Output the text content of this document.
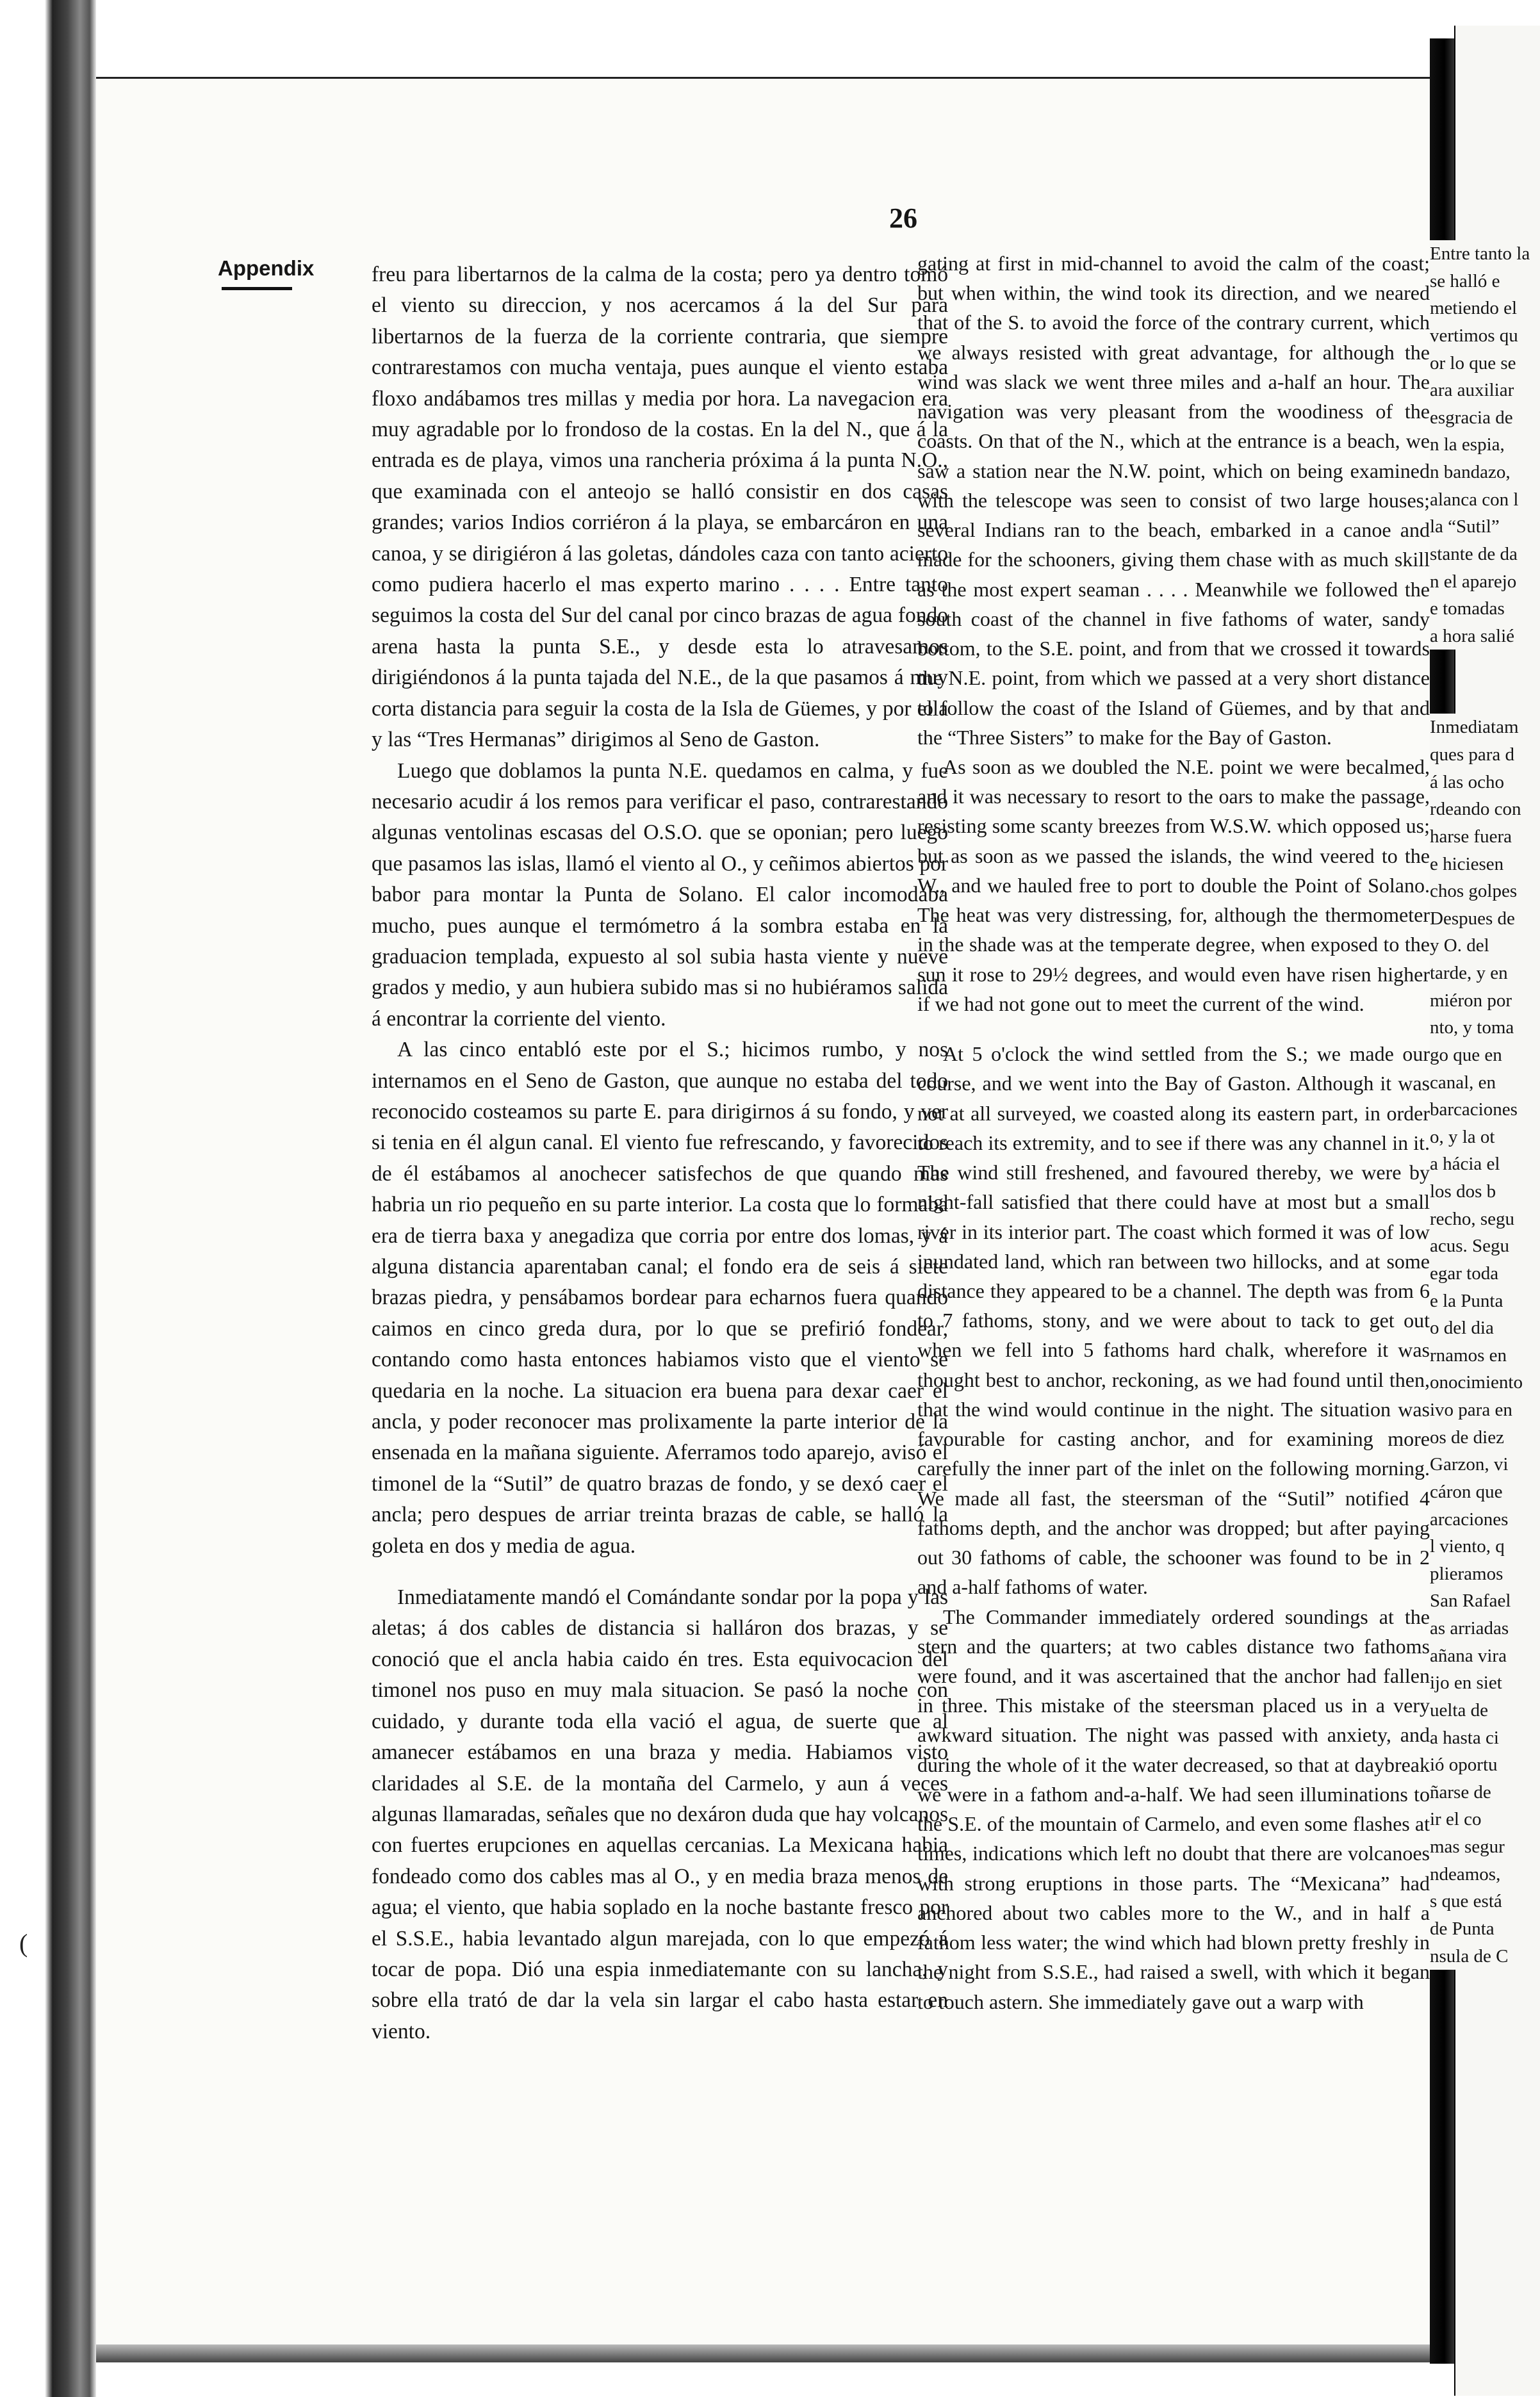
26
Appendix	freu para libertarnos de la calma de la costa; pero ya dentro tomó el viento su direccion, y nos acercamos á la del Sur para libertarnos de la fuerza de la corriente contraria, que siempre contrarestamos con mucha ventaja, pues aunque el viento estaba floxo andábamos tres millas y media por hora. La navegacion era muy agradable por lo frondoso de la costas. En la del N., que á la entrada es de playa, vimos una rancheria próxima á la punta N.O., que examinada con el anteojo se halló consistir en dos casas grandes; varios Indios corriéron á la playa, se embarcáron en una canoa, y se dirigiéron á las goletas, dándoles caza con tanto acierto como pudiera hacerlo el mas experto marino . . . . Entre tanto seguimos la costa del Sur del canal por cinco brazas de agua fondo arena hasta la punta S.E., y desde esta lo atravesamos dirigiéndonos á la punta tajada del N.E., de la que pasamos á muy corta distancia para seguir la costa de la Isla de Güemes, y por ella y las “Tres Hermanas” dirigimos al Seno de Gaston.

Luego que doblamos la punta N.E. quedamos en calma, y fue necesario acudir á los remos para verificar el paso, contrarestando algunas ventolinas escasas del O.S.O. que se oponian; pero luego que pasamos las islas, llamó el viento al O., y ceñimos abiertos por babor para montar la Punta de Solano. El calor incomodaba mucho, pues aunque el termómetro á la sombra estaba en la graduacion templada, expuesto al sol subia hasta viente y nueve grados y medio, y aun hubiera subido mas si no hubiéramos salida á encontrar la corriente del viento.

A las cinco entabló este por el S.; hicimos rumbo, y nos internamos en el Seno de Gaston, que aunque no estaba del todo reconocido costeamos su parte E. para dirigirnos á su fondo, y ver si tenia en él algun canal. El viento fue refrescando, y favorecidos de él estábamos al anochecer satisfechos de que quando mas habria un rio pequeño en su parte interior. La costa que lo formaba era de tierra baxa y anegadiza que corria por entre dos lomas, y á alguna distancia aparentaban canal; el fondo era de seis á siete brazas piedra, y pensábamos bordear para echarnos fuera quando caimos en cinco greda dura, por lo que se prefirió fondear, contando como hasta entonces habiamos visto que el viento se quedaria en la noche. La situacion era buena para dexar caer el ancla, y poder reconocer mas prolixamente la parte interior de la ensenada en la mañana siguiente. Aferramos todo aparejo, avisó el timonel de la “Sutil” de quatro brazas de fondo, y se dexó caer el ancla; pero despues de arriar treinta brazas de cable, se halló la goleta en dos y media de agua.

Inmediatamente mandó el Comándante sondar por la popa y las aletas; á dos cables de distancia si halláron dos brazas, y se conoció que el ancla habia caido én tres. Esta equivocacion del timonel nos puso en muy mala situacion. Se pasó la noche con cuidado, y durante toda ella vació el agua, de suerte que al amanecer estábamos en una braza y media. Habiamos visto claridades al S.E. de la montaña del Carmelo, y aun á veces algunas llamaradas, señales que no dexáron duda que hay volcanos con fuertes erupciones en aquellas cercanias. La Mexicana habia fondeado como dos cables mas al O., y en media braza menos de agua; el viento, que habia soplado en la noche bastante fresco por el S.S.E., habia levantado algun marejada, con lo que empezó á tocar de popa. Dió una espia inmediatemante con su lancha, y sobre ella trató de dar la vela sin largar el cabo hasta estar en viento.

gating at first in mid-channel to avoid the calm of the coast; but when within, the wind took its direction, and we neared that of the S. to avoid the force of the contrary current, which we always resisted with great advantage, for although the wind was slack we went three miles and a-half an hour. The navigation was very pleasant from the woodiness of the coasts. On that of the N., which at the entrance is a beach, we saw a station near the N.W. point, which on being examined with the telescope was seen to consist of two large houses; several Indians ran to the beach, embarked in a canoe and made for the schooners, giving them chase with as much skill as the most expert seaman . . . . Meanwhile we followed the south coast of the channel in five fathoms of water, sandy bottom, to the S.E. point, and from that we crossed it towards the N.E. point, from which we passed at a very short distance to follow the coast of the Island of Güemes, and by that and the “Three Sisters” to make for the Bay of Gaston.

As soon as we doubled the N.E. point we were becalmed, and it was necessary to resort to the oars to make the passage, resisting some scanty breezes from W.S.W. which opposed us; but as soon as we passed the islands, the wind veered to the W., and we hauled free to port to double the Point of Solano. The heat was very distressing, for, although the thermometer in the shade was at the temperate degree, when exposed to the sun it rose to 29½ degrees, and would even have risen higher if we had not gone out to meet the current of the wind.

At 5 o'clock the wind settled from the S.; we made our course, and we went into the Bay of Gaston. Although it was not at all surveyed, we coasted along its eastern part, in order to reach its extremity, and to see if there was any channel in it. The wind still freshened, and favoured thereby, we were by night-fall satisfied that there could have at most but a small river in its interior part. The coast which formed it was of low inundated land, which ran between two hillocks, and at some distance they appeared to be a channel. The depth was from 6 to 7 fathoms, stony, and we were about to tack to get out when we fell into 5 fathoms hard chalk, wherefore it was thought best to anchor, reckoning, as we had found until then, that the wind would continue in the night. The situation was favourable for casting anchor, and for examining more carefully the inner part of the inlet on the following morning. We made all fast, the steersman of the “Sutil” notified 4 fathoms depth, and the anchor was dropped; but after paying out 30 fathoms of cable, the schooner was found to be in 2 and a-half fathoms of water.

The Commander immediately ordered soundings at the stern and the quarters; at two cables distance two fathoms were found, and it was ascertained that the anchor had fallen in three. This mistake of the steersman placed us in a very awkward situation. The night was passed with anxiety, and during the whole of it the water decreased, so that at daybreak we were in a fathom and-a-half. We had seen illuminations to the S.E. of the mountain of Carmelo, and even some flashes at times, indications which left no doubt that there are volcanoes with strong eruptions in those parts. The “Mexicana” had anchored about two cables more to the W., and in half a fathom less water; the wind which had blown pretty freshly in the night from S.S.E., had raised a swell, with which it began to touch astern. She immediately gave out a warp with

Entre tanto la
se halló e
metiendo el
vertimos qu
or lo que se
ara auxiliar
esgracia de
n la espia,
n bandazo,
alanca con l
la “Sutil”
stante de da
n el aparejo
e tomadas
a hora salié
Inmediatam
ques para d
á las ocho
rdeando con
harse fuera
e hiciesen
chos golpes
Despues de
y O. del
tarde, y en
miéron por
nto, y toma
go que en
canal, en
barcaciones
o, y la ot
a hácia el
los dos b
recho, segu
acus. Segu
egar toda
e la Punta
o del dia
rnamos en
onocimiento
ivo para en
os de diez
Garzon, vi
cáron que
arcaciones
l viento, q
plieramos
San Rafael
as arriadas
añana vira
ijo en siet
uelta de
a hasta ci
ió oportu
ñarse de
ir el co
mas segur
ndeamos,
s que está
de Punta
nsula de C
(
